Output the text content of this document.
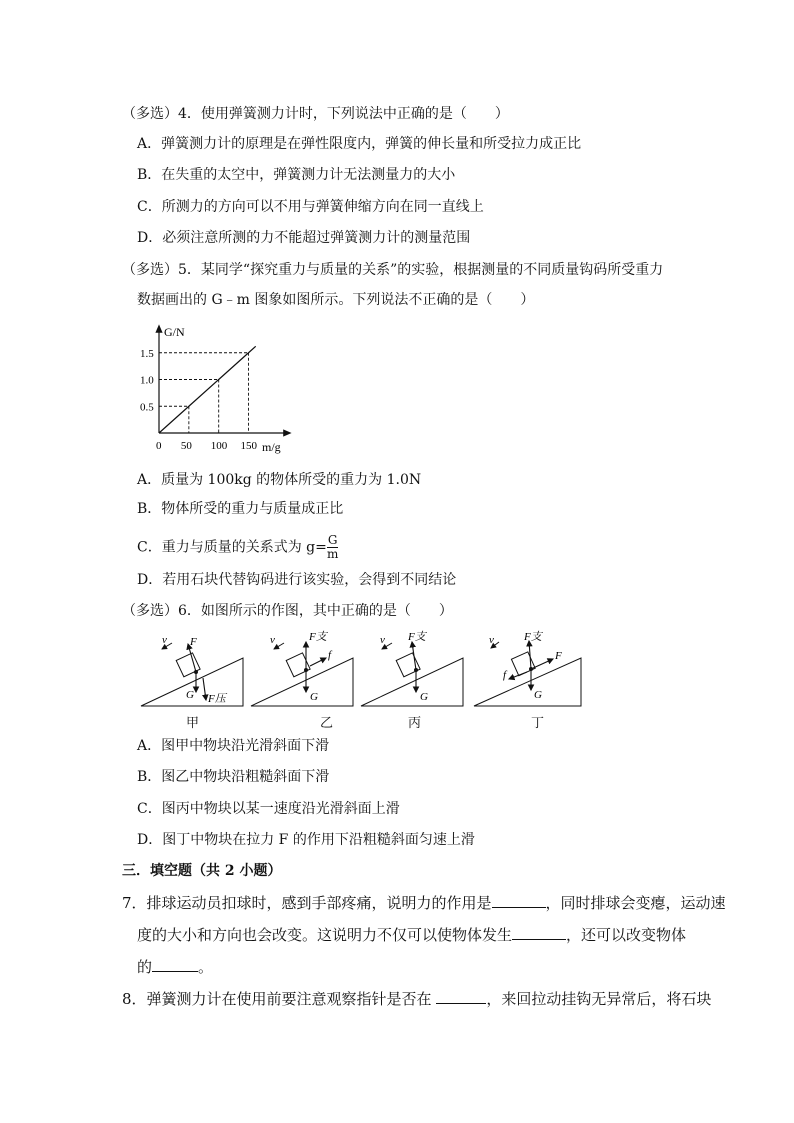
（多选）4．使用弹簧测力计时，下列说法中正确的是（　　）
A．弹簧测力计的原理是在弹性限度内，弹簧的伸长量和所受拉力成正比
B．在失重的太空中，弹簧测力计无法测量力的大小
C．所测力的方向可以不用与弹簧伸缩方向在同一直线上
D．必须注意所测的力不能超过弹簧测力计的测量范围
（多选）5．某同学“探究重力与质量的关系”的实验，根据测量的不同质量钩码所受重力
数据画出的 G﹣m 图象如图所示。下列说法不正确的是（　　）
G/N
m/g
0 50 100 150
0.5
1.0
1.5
A．质量为 100kg 的物体所受的重力为 1.0N
B．物体所受的重力与质量成正比
C．重力与质量的关系式为 $g= \frac{G}{m}$
D．若用石块代替钩码进行该实验，会得到不同结论
（多选）6．如图所示的作图，其中正确的是（　　）
v F
G F压
v	F支
f
G
v F支
G
v	F支
F
f
G
甲	乙	丙	丁
A．图甲中物块沿光滑斜面下滑
B．图乙中物块沿粗糙斜面下滑
C．图丙中物块以某一速度沿光滑斜面上滑
D．图丁中物块在拉力 F 的作用下沿粗糙斜面匀速上滑
三．填空题（共 2 小题）
7．排球运动员扣球时，感到手部疼痛，说明力的作用是	，同时排球会变瘪，运动速
度的大小和方向也会改变。这说明力不仅可以使物体发生	，还可以改变物体
的	。
8．弹簧测力计在使用前要注意观察指针是否在	，来回拉动挂钩无异常后，将石块
